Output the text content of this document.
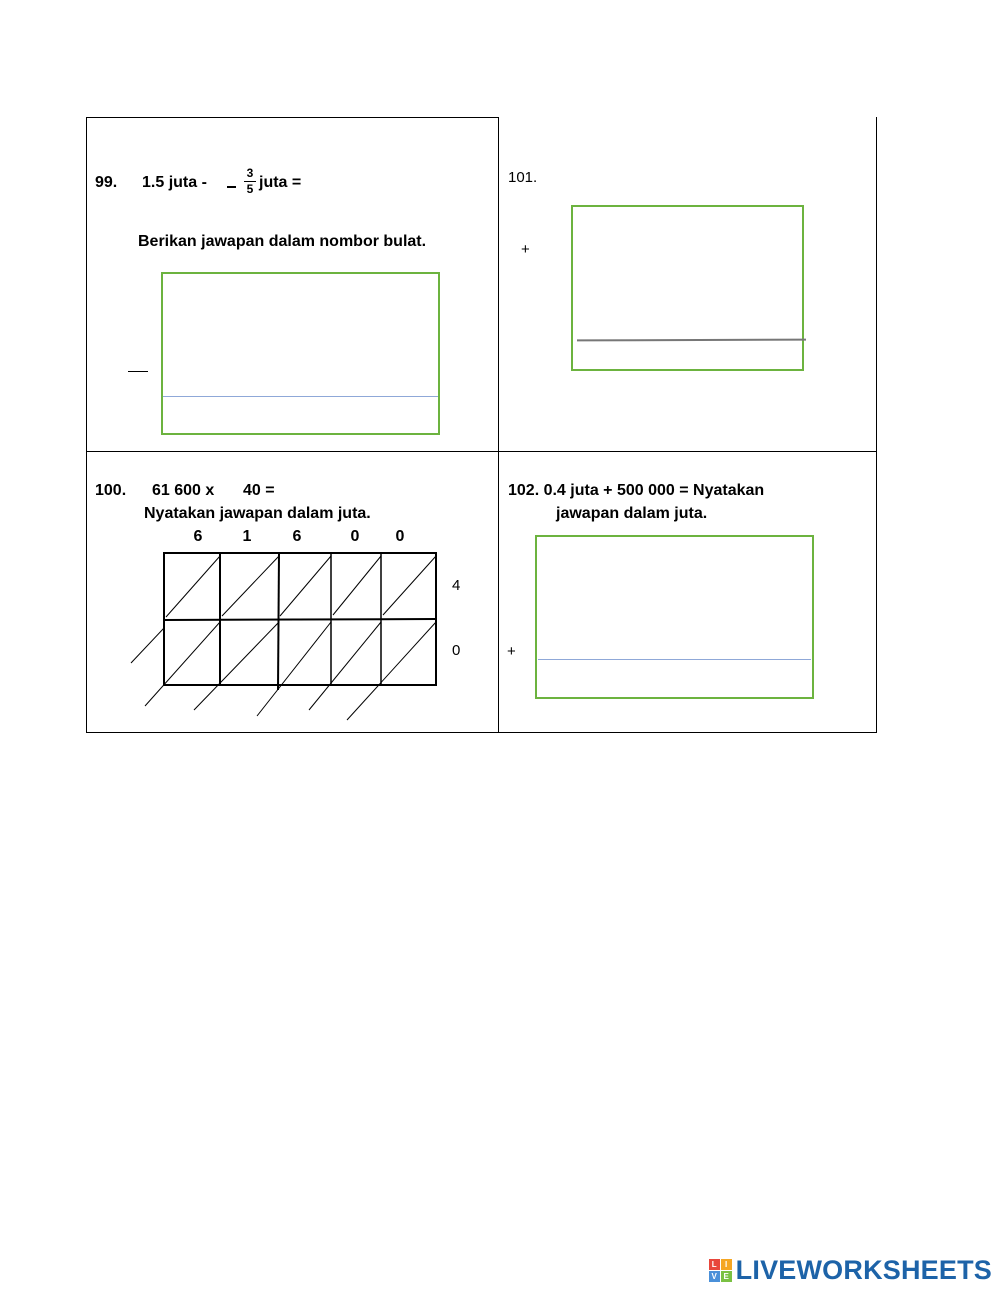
99. 1.5 juta -
3
5 juta =
Berikan jawapan dalam nombor bulat.
101.
+
100. 61 600 x 40 =
Nyatakan jawapan dalam juta.
6	1	6	0	0
4
0
102. 0.4 juta + 500 000 = Nyatakan
jawapan dalam juta.
+
L	I
V E LIVEWORKSHEETS
